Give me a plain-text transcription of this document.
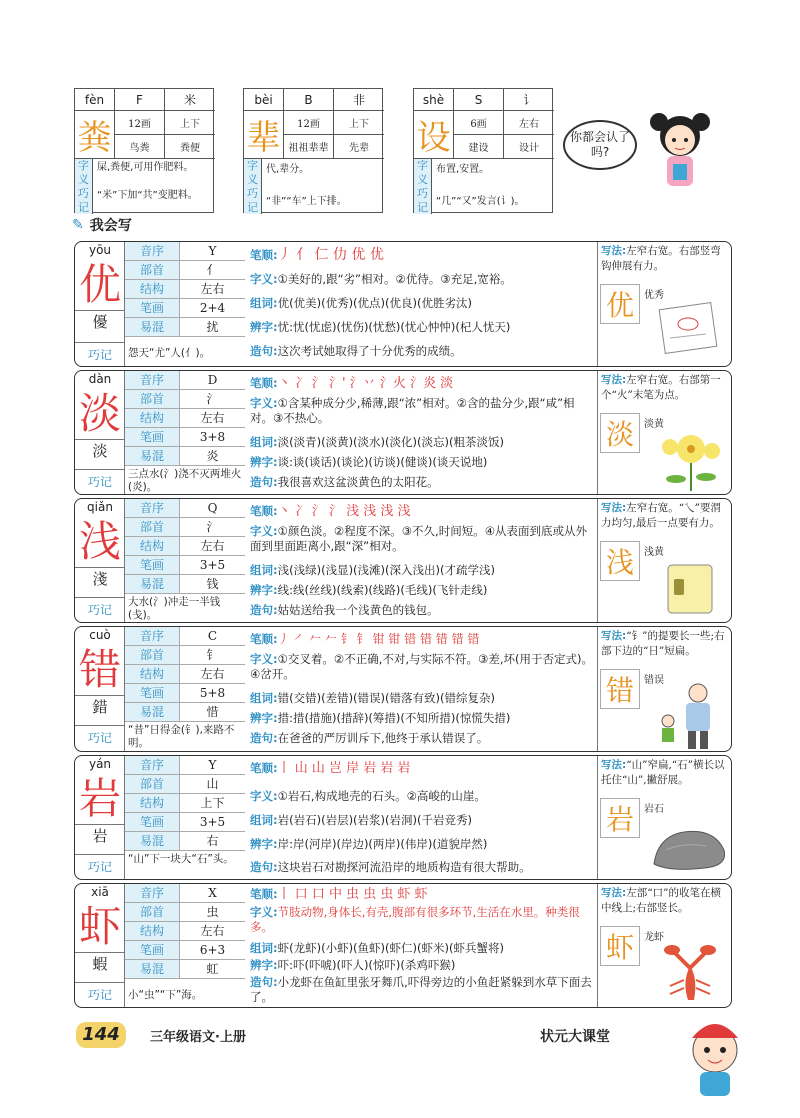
fèn	F	米
粪	12画	上下
鸟粪	粪便
字义
屎,粪便,可用作肥料。
巧记
“米”下加“共”变肥料。
bèi	B	非
辈	12画	上下
祖祖辈辈	先辈
字义
代,辈分。
巧记 “非”“车”上下排。
shè	S	讠
设	6画	左右
建设	设计
字义
布置,安置。
巧记 “几”“又”发言(讠)。
你都会认了吗?
✎ 我会写
yōu
优
優
巧记
音序	Y
部首	亻
结构	左右
笔画	2+4
易混	扰
怨天“尤”人(亻)。
笔顺:丿 亻 仁 仂 优 优
字义:①美好的,跟“劣”相对。②优待。③充足,宽裕。
组词:优(优美)(优秀)(优点)(优良)(优胜劣汰)
辨字:忧:忧(忧虑)(忧伤)(忧愁)(忧心忡忡)(杞人忧天)
造句:这次考试她取得了十分优秀的成绩。
写法:左窄右宽。右部竖弯钩伸展有力。
优	优秀
dàn
淡
淡
巧记
音序	D
部首	氵
结构	左右
笔画	3+8
易混	炎
三点水(氵)浇不灭两堆火(炎)。
笔顺:丶 冫 氵 氵' 氵丷 氵火 氵炎 淡
字义:①含某种成分少,稀薄,跟“浓”相对。②含的盐分少,跟“咸”相对。③不热心。
组词:淡(淡青)(淡黄)(淡水)(淡化)(淡忘)(粗茶淡饭)
辨字:谈:谈(谈话)(谈论)(访谈)(健谈)(谈天说地)
造句:我很喜欢这盆淡黄色的太阳花。
写法:左窄右宽。右部第一个“火”末笔为点。
淡	淡黄
qiǎn
浅
淺
巧记
音序	Q
部首	氵
结构	左右
笔画	3+5
易混	钱
大水(氵)冲走一半钱(戋)。
笔顺:丶 冫 氵 氵 浅 浅 浅 浅
字义:①颜色淡。②程度不深。③不久,时间短。④从表面到底或从外面到里面距离小,跟“深”相对。
组词:浅(浅绿)(浅显)(浅滩)(深入浅出)(才疏学浅)
辨字:线:线(丝线)(线索)(线路)(毛线)(飞针走线)
造句:姑姑送给我一个浅黄色的钱包。
写法:左窄右宽。“乀”要渭力均匀,最后一点要有力。
浅	浅黄
cuò
错
錯
巧记
音序	C
部首	钅
结构	左右
笔画	5+8
易混	惜
“昔”日得金(钅),来路不明。
笔顺:丿 ㇒ 𠂉 𠂉 钅 钅 钳 钳 错 错 错 错 错
字义:①交叉着。②不正确,不对,与实际不符。③差,坏(用于否定式)。④岔开。
组词:错(交错)(差错)(错误)(错落有致)(错综复杂)
辨字:措:措(措施)(措辞)(筹措)(不知所措)(惊慌失措)
造句:在爸爸的严厉训斥下,他终于承认错误了。
写法:“钅”的提要长一些;右部下边的“日”短扁。
错	错误
yán
岩
岩
巧记
音序	Y
部首	山
结构	上下
笔画	3+5
易混	右
“山”下一块大“石”头。
笔顺:丨 山 山 岂 岸 岩 岩 岩
字义:①岩石,构成地壳的石头。②高峻的山崖。
组词:岩(岩石)(岩层)(岩浆)(岩洞)(千岩竞秀)
辨字:岸:岸(河岸)(岸边)(两岸)(伟岸)(道貌岸然)
造句:这块岩石对勘探河流沿岸的地质构造有很大帮助。
写法:“山”窄扁,“石”横长以托住“山”,撇舒展。
岩	岩石
xiā
虾
蝦
巧记
音序	X
部首	虫
结构	左右
笔画	6+3
易混	虹
小“虫”“下”海。
笔顺:丨 口 口 中 虫 虫 虫 虾 虾
字义:节肢动物,身体长,有壳,腹部有很多环节,生活在水里。种类很多。
组词:虾(龙虾)(小虾)(鱼虾)(虾仁)(虾米)(虾兵蟹将)
辨字:吓:吓(吓唬)(吓人)(惊吓)(杀鸡吓猴)
造句:小龙虾在鱼缸里张牙舞爪,吓得旁边的小鱼赶紧躲到水草下面去了。
写法:左部“口”的收笔在横中线上;右部竖长。
虾	龙虾
144	三年级语文·上册	状元大课堂
